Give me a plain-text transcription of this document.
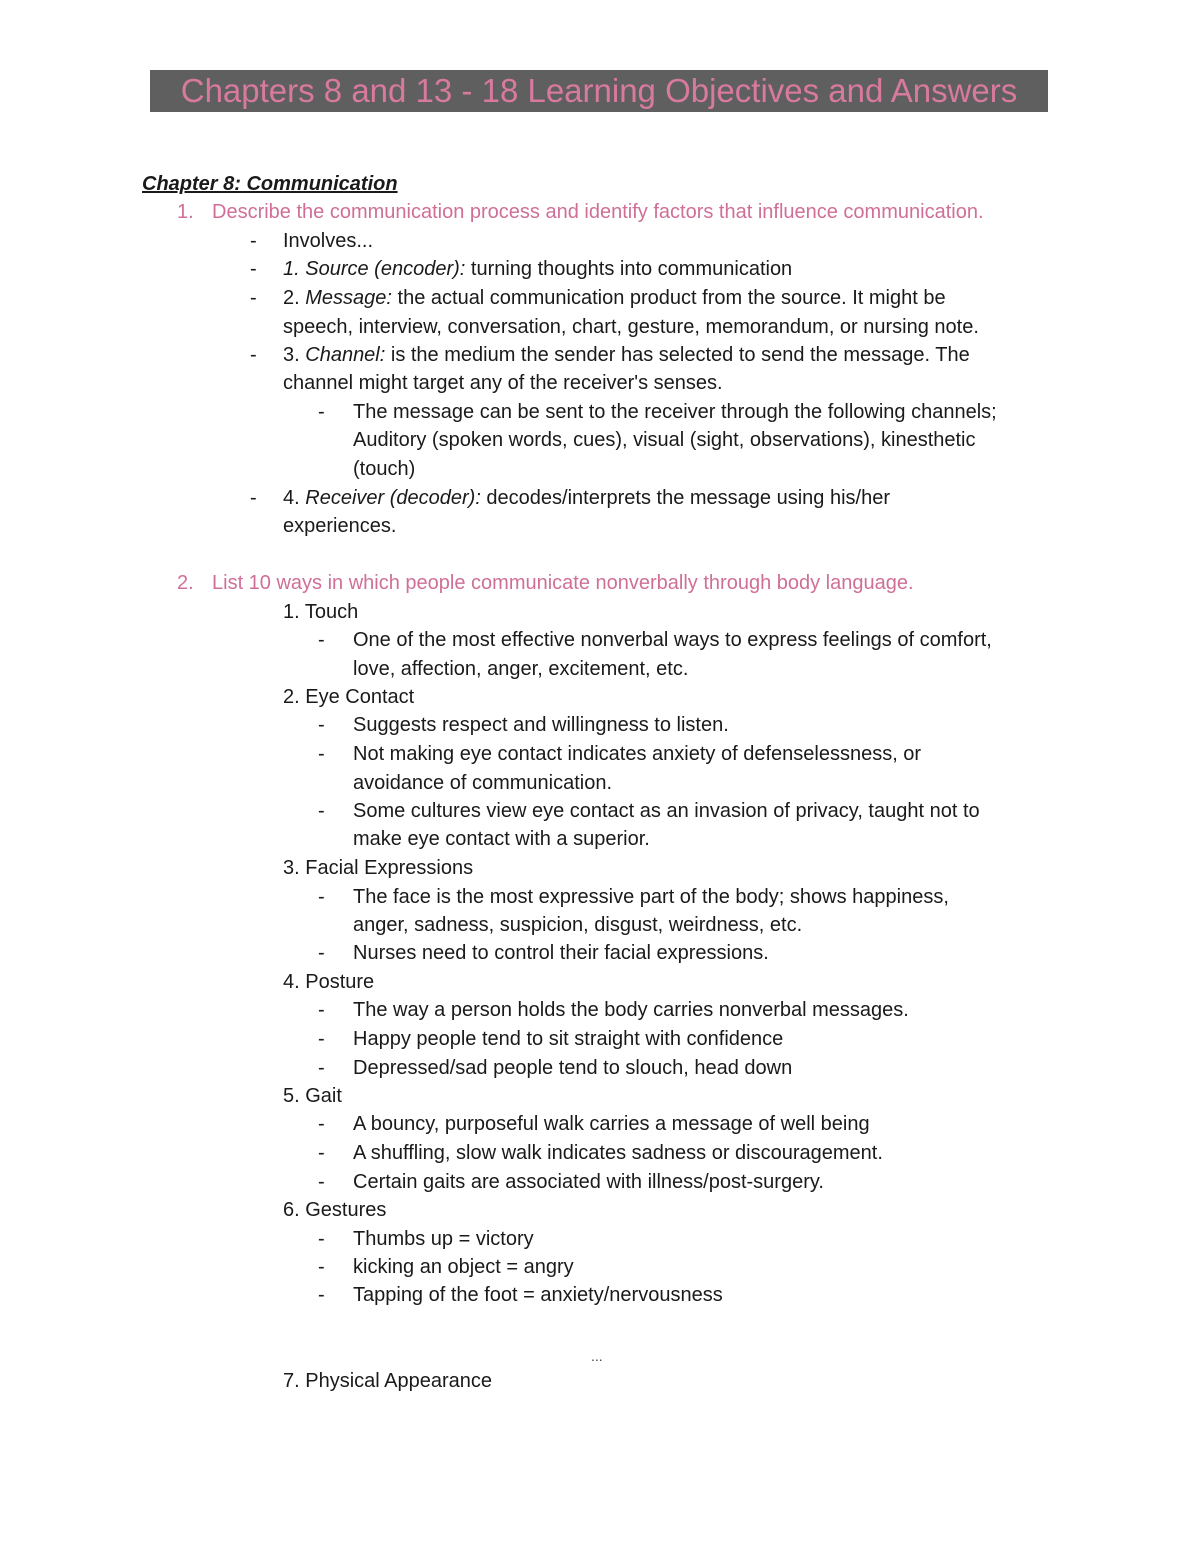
Chapters 8 and 13 - 18 Learning Objectives and Answers
Chapter 8: Communication
1. Describe the communication process and identify factors that influence communication.
- Involves...
- 1. Source (encoder): turning thoughts into communication
- 2. Message: the actual communication product from the source. It might be
speech, interview, conversation, chart, gesture, memorandum, or nursing note.
- 3. Channel: is the medium the sender has selected to send the message. The
channel might target any of the receiver's senses.
- The message can be sent to the receiver through the following channels;
Auditory (spoken words, cues), visual (sight, observations), kinesthetic
(touch)
- 4. Receiver (decoder): decodes/interprets the message using his/her
experiences.
2. List 10 ways in which people communicate nonverbally through body language.
1. Touch
- One of the most effective nonverbal ways to express feelings of comfort,
love, affection, anger, excitement, etc.
2. Eye Contact
- Suggests respect and willingness to listen.
- Not making eye contact indicates anxiety of defenselessness, or
avoidance of communication.
- Some cultures view eye contact as an invasion of privacy, taught not to
make eye contact with a superior.
3. Facial Expressions
- The face is the most expressive part of the body; shows happiness,
anger, sadness, suspicion, disgust, weirdness, etc.
- Nurses need to control their facial expressions.
4. Posture
- The way a person holds the body carries nonverbal messages.
- Happy people tend to sit straight with confidence
- Depressed/sad people tend to slouch, head down
5. Gait
- A bouncy, purposeful walk carries a message of well being
- A shuffling, slow walk indicates sadness or discouragement.
- Certain gaits are associated with illness/post-surgery.
6. Gestures
- Thumbs up = victory
- kicking an object = angry
- Tapping of the foot = anxiety/nervousness
...
7. Physical Appearance
